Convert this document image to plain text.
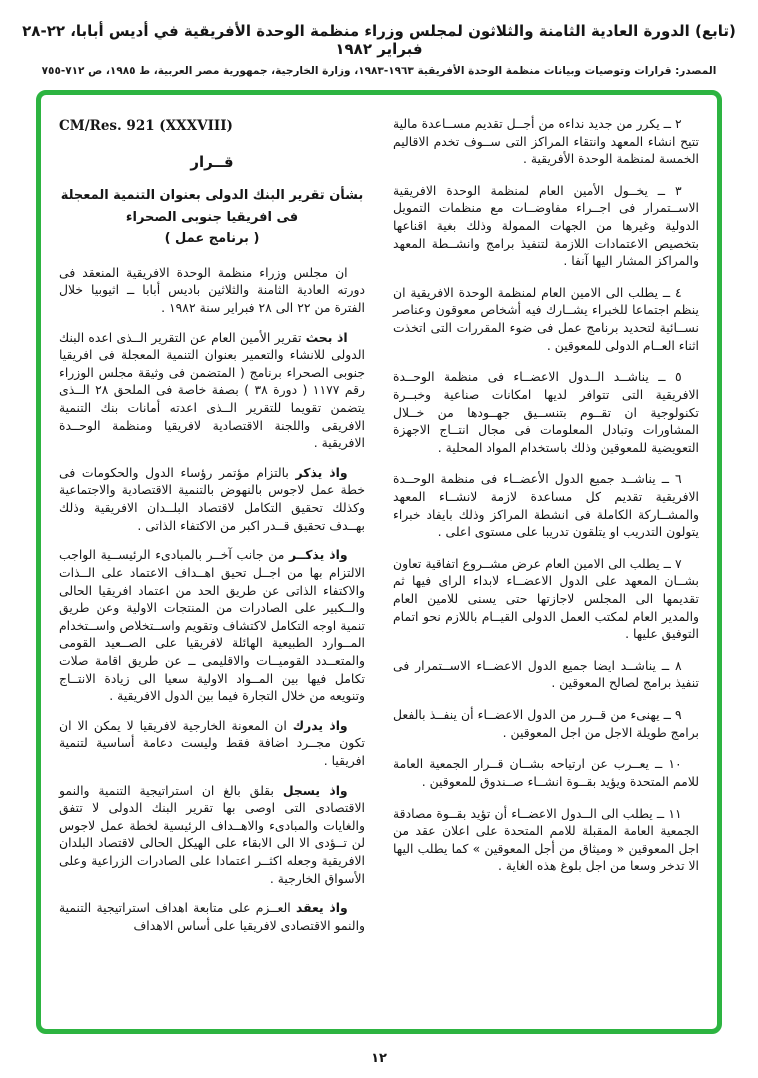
(تابع) الدورة العادية الثامنة والثلاثون لمجلس وزراء منظمة الوحدة الأفريقية في أديس أبابا، ٢٢-٢٨ فبراير ١٩٨٢
المصدر: قرارات وتوصيات وبيانات منظمة الوحدة الأفريقية ١٩٦٣-١٩٨٣، وزارة الخارجية، جمهورية مصر العربية، ط ١٩٨٥، ص ٧١٢-٧٥٥

٢ ــ يكرر من جديد نداءه من أجــل تقديم مســاعدة مالية تتيح انشاء المعهد وانتقاء المراكز التى ســوف تخدم الاقاليم الخمسة لمنظمة الوحدة الأفريقية .

٣ ــ يخــول الأمين العام لمنظمة الوحدة الافريقية الاســتمرار فى اجــراء مفاوضــات مع منظمات التمويل الدولية وغيرها من الجهات الممولة وذلك بغية اقناعها بتخصيص الاعتمادات اللازمة لتنفيذ برامج وانشــطة المعهد والمراكز المشار اليها آنفا .

٤ ــ يطلب الى الامين العام لمنظمة الوحدة الافريقية ان ينظم اجتماعا للخبراء يشــارك فيه أشخاص معوقون وعناصر نســائية لتحديد برنامج عمل فى ضوء المقررات التى اتخذت اثناء العــام الدولى للمعوقين .

٥ ــ يناشــد الــدول الاعضــاء فى منظمة الوحــدة الافريقية التى تتوافر لديها امكانات صناعية وخبــرة تكنولوجية ان تقــوم بتنســيق جهــودها من خــلال المشاورات وتبادل المعلومات فى مجال انتــاج الاجهزة التعويضية للمعوقين وذلك باستخدام المواد المحلية .

٦ ــ يناشــد جميع الدول الأعضــاء فى منظمة الوحــدة الافريقية تقديم كل مساعدة لازمة لانشــاء المعهد والمشــاركة الكاملة فى انشطة المراكز وذلك بايفاد خبراء يتولون التدريب او يتلقون تدريبا على مستوى اعلى .

٧ ــ يطلب الى الامين العام عرض مشــروع اتفاقية تعاون بشــان المعهد على الدول الاعضــاء لابداء الراى فيها ثم تقديمها الى المجلس لاجازتها حتى يسنى للامين العام والمدير العام لمكتب العمل الدولى القيــام باللازم نحو اتمام التوفيق عليها .

٨ ــ يناشــد ايضا جميع الدول الاعضــاء الاســتمرار فى تنفيذ برامج لصالح المعوقين .

٩ ــ يهنىء من قــرر من الدول الاعضــاء أن ينفــذ بالفعل برامج طويلة الاجل من اجل المعوقين .

١٠ ــ يعــرب عن ارتياحه بشــان قــرار الجمعية العامة للامم المتحدة ويؤيد بقــوة انشــاء صــندوق للمعوقين .

١١ ــ يطلب الى الــدول الاعضــاء أن تؤيد بقــوة مصادقة الجمعية العامة المقبلة للامم المتحدة على اعلان عقد من اجل المعوقين « وميثاق من أجل المعوقين » كما يطلب اليها الا تدخر وسعا من اجل بلوغ هذه الغاية .

CM/Res. 921 (XXXVIII)
قــرار
بشأن تقرير البنك الدولى بعنوان التنمية المعجلة
فى افريقيا جنوبى الصحراء
( برنامج عمل )

ان مجلس وزراء منظمة الوحدة الافريقية المنعقد فى دورته العادية الثامنة والثلاثين باديس أبابا ــ اثيوبيا خلال الفترة من ٢٢ الى ٢٨ فبراير سنة ١٩٨٢ .

اذ بحث تقرير الأمين العام عن التقرير الــذى اعده البنك الدولى للانشاء والتعمير بعنوان التنمية المعجلة فى افريقيا جنوبى الصحراء برنامج ( المتضمن فى وثيقة مجلس الوزراء رقم ١١٧٧ ( دورة ٣٨ ) بصفة خاصة فى الملحق ٢٨ الــذى يتضمن تقويما للتقرير الــذى اعدته أمانات بنك التنمية الافريقى واللجنة الاقتصادية لافريقيا ومنظمة الوحــدة الافريقية .

واذ يذكر بالتزام مؤتمر رؤساء الدول والحكومات فى خطة عمل لاجوس بالنهوض بالتنمية الاقتصادية والاجتماعية وكذلك تحقيق التكامل لاقتصاد البلــدان الافريقية وذلك بهــدف تحقيق قــدر اكبر من الاكتفاء الذاتى .

واذ يذكــر من جانب آخــر بالمبادىء الرئيســية الواجب الالتزام بها من اجــل تحيق اهــداف الاعتماد على الــذات والاكتفاء الذاتى عن طريق الحد من اعتماد افريقيا الحالى والــكبير على الصادرات من المنتجات الاولية وعن طريق تنمية اوجه التكامل لاكتشاف وتقويم واســتخلاص واســتخدام المــوارد الطبيعية الهائلة لافريقيا على الصــعيد القومى والمتعــدد القوميــات والاقليمى ــ عن طريق اقامة صلات تكامل فيها بين المــواد الاولية سعيا الى زيادة الانتــاج وتنويعه من خلال التجارة فيما بين الدول الافريقية .

واذ يدرك ان المعونة الخارجية لافريقيا لا يمكن الا ان تكون مجــرد اضافة فقط وليست دعامة أساسية لتنمية افريقيا .

واذ يسجل بقلق بالغ ان استراتيجية التنمية والنمو الاقتصادى التى اوصى بها تقرير البنك الدولى لا تتفق والغايات والمبادىء والاهــداف الرئيسية لخطة عمل لاجوس لن تــؤدى الا الى الابقاء على الهيكل الحالى لاقتصاد البلدان الافريقية وجعله اكثــر اعتمادا على الصادرات الزراعية وعلى الأسواق الخارجية .

واذ يعقد العــزم على متابعة اهداف استراتيجية التنمية والنمو الاقتصادى لافريقيا على أساس الاهداف

١٢
